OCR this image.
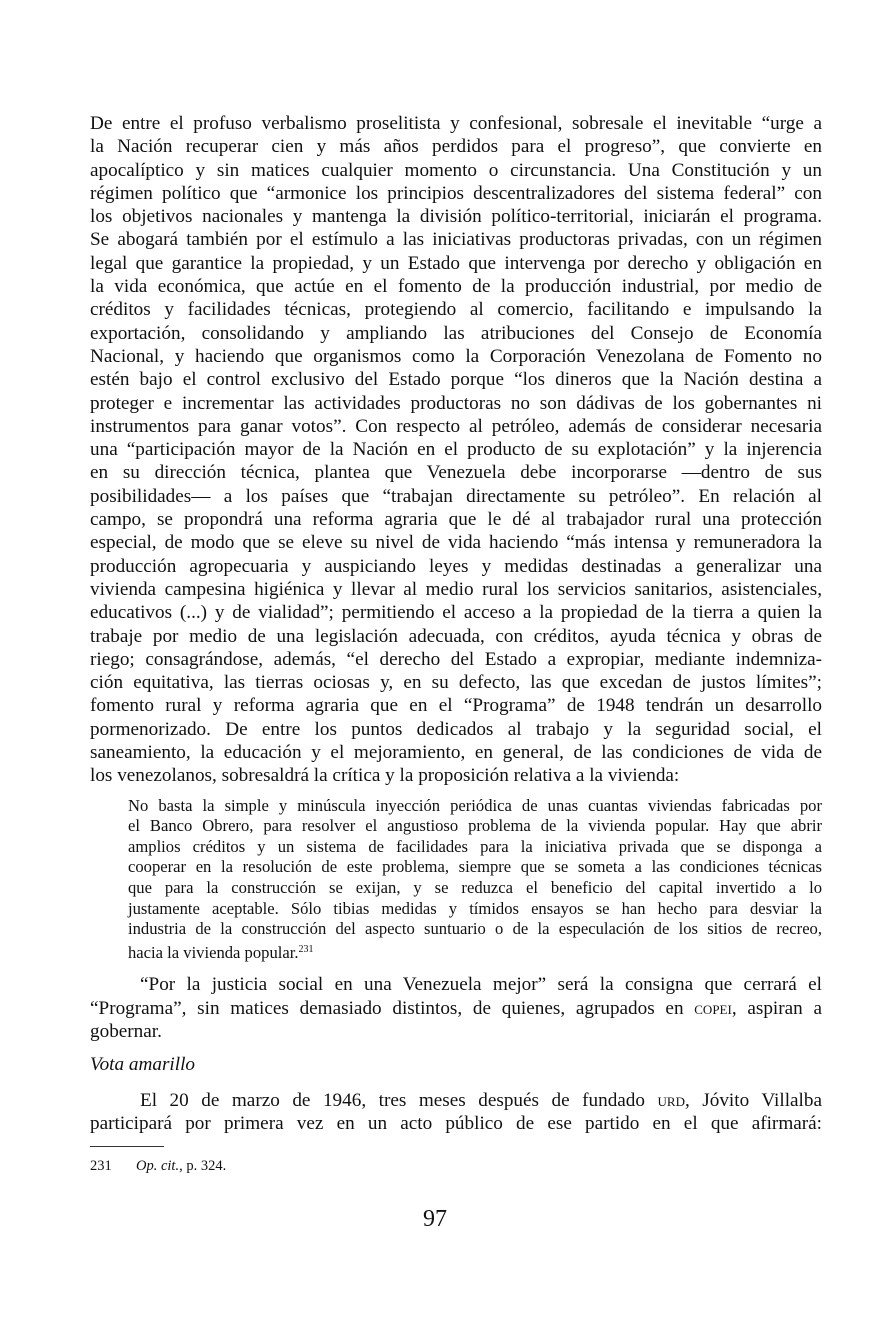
De entre el profuso verbalismo proselitista y confesional, sobresale el inevitable “urge a
la Nación recuperar cien y más años perdidos para el progreso”, que convierte en
apocalíptico y sin matices cualquier momento o circunstancia. Una Constitución y un
régimen político que “armonice los principios descentralizadores del sistema federal” con
los objetivos nacionales y mantenga la división político-territorial, iniciarán el programa.
Se abogará también por el estímulo a las iniciativas productoras privadas, con un régimen
legal que garantice la propiedad, y un Estado que intervenga por derecho y obligación en
la vida económica, que actúe en el fomento de la producción industrial, por medio de
créditos y facilidades técnicas, protegiendo al comercio, facilitando e impulsando la
exportación, consolidando y ampliando las atribuciones del Consejo de Economía
Nacional, y haciendo que organismos como la Corporación Venezolana de Fomento no
estén bajo el control exclusivo del Estado porque “los dineros que la Nación destina a
proteger e incrementar las actividades productoras no son dádivas de los gobernantes ni
instrumentos para ganar votos”. Con respecto al petróleo, además de considerar necesaria
una “participación mayor de la Nación en el producto de su explotación” y la injerencia
en su dirección técnica, plantea que Venezuela debe incorporarse —dentro de sus
posibilidades— a los países que “trabajan directamente su petróleo”. En relación al
campo, se propondrá una reforma agraria que le dé al trabajador rural una protección
especial, de modo que se eleve su nivel de vida haciendo “más intensa y remuneradora la
producción agropecuaria y auspiciando leyes y medidas destinadas a generalizar una
vivienda campesina higiénica y llevar al medio rural los servicios sanitarios, asistenciales,
educativos (...) y de vialidad”; permitiendo el acceso a la propiedad de la tierra a quien la
trabaje por medio de una legislación adecuada, con créditos, ayuda técnica y obras de
riego; consagrándose, además, “el derecho del Estado a expropiar, mediante indemniza-
ción equitativa, las tierras ociosas y, en su defecto, las que excedan de justos límites”;
fomento rural y reforma agraria que en el “Programa” de 1948 tendrán un desarrollo
pormenorizado. De entre los puntos dedicados al trabajo y la seguridad social, el
saneamiento, la educación y el mejoramiento, en general, de las condiciones de vida de
los venezolanos, sobresaldrá la crítica y la proposición relativa a la vivienda:
No basta la simple y minúscula inyección periódica de unas cuantas viviendas fabricadas por
el Banco Obrero, para resolver el angustioso problema de la vivienda popular. Hay que abrir
amplios créditos y un sistema de facilidades para la iniciativa privada que se disponga a
cooperar en la resolución de este problema, siempre que se someta a las condiciones técnicas
que para la construcción se exijan, y se reduzca el beneficio del capital invertido a lo
justamente aceptable. Sólo tibias medidas y tímidos ensayos se han hecho para desviar la
industria de la construcción del aspecto suntuario o de la especulación de los sitios de recreo,
hacia la vivienda popular.$^{231}$
“Por la justicia social en una Venezuela mejor” será la consigna que cerrará el
“Programa”, sin matices demasiado distintos, de quienes, agrupados en copei, aspiran a
gobernar.
Vota amarillo
El 20 de marzo de 1946, tres meses después de fundado urd, Jóvito Villalba
participará por primera vez en un acto público de ese partido en el que afirmará:
231 Op. cit., p. 324.
97
